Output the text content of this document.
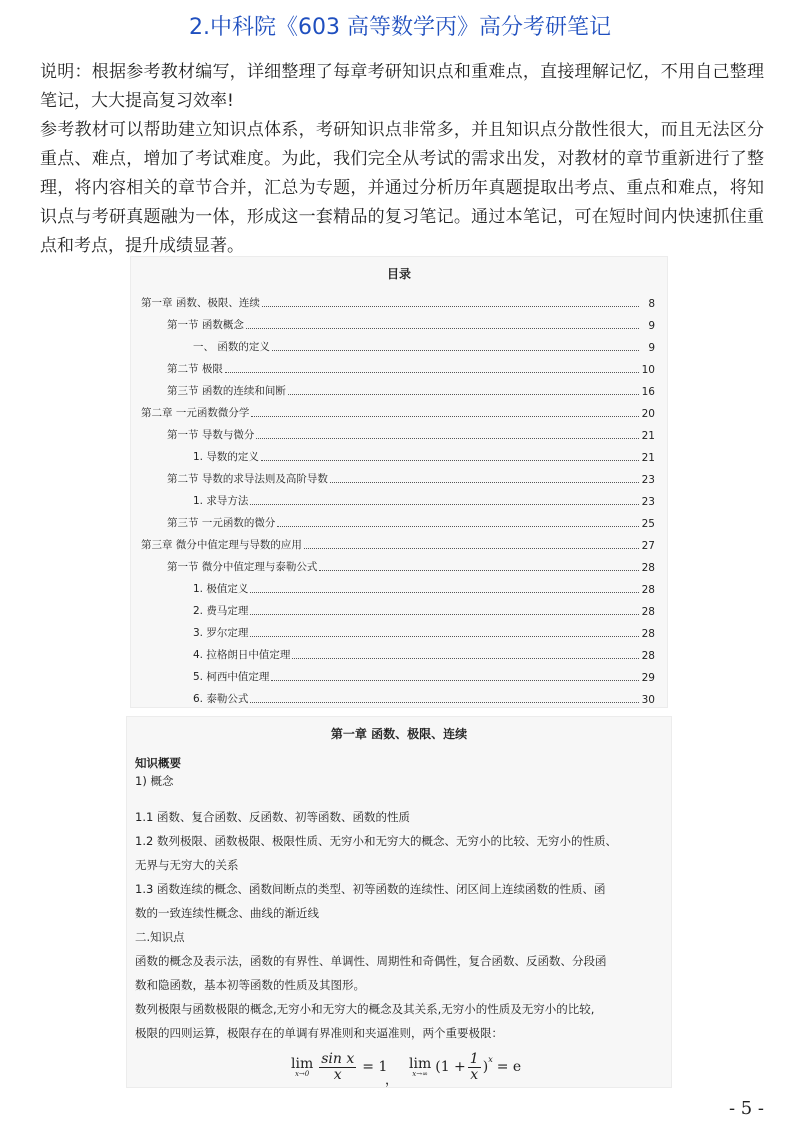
2.中科院《603 高等数学丙》高分考研笔记

说明：根据参考教材编写，详细整理了每章考研知识点和重难点，直接理解记忆，不用自己整理笔记，大大提高复习效率!

参考教材可以帮助建立知识点体系，考研知识点非常多，并且知识点分散性很大，而且无法区分重点、难点，增加了考试难度。为此，我们完全从考试的需求出发，对教材的章节重新进行了整理，将内容相关的章节合并，汇总为专题，并通过分析历年真题提取出考点、重点和难点，将知识点与考研真题融为一体，形成这一套精品的复习笔记。通过本笔记，可在短时间内快速抓住重点和考点，提升成绩显著。

目录
第一章 函数、极限、连续	8
第一节 函数概念	9
一、 函数的定义	9
第二节 极限	10
第三节 函数的连续和间断	16
第二章 一元函数微分学	20
第一节 导数与微分	21
1. 导数的定义	21
第二节 导数的求导法则及高阶导数	23
1. 求导方法	23
第三节 一元函数的微分	25
第三章 微分中值定理与导数的应用	27
第一节 微分中值定理与泰勒公式	28
1. 极值定义	28
2. 费马定理	28
3. 罗尔定理	28
4. 拉格朗日中值定理	28
5. 柯西中值定理	29
6. 泰勒公式	30
第一章 函数、极限、连续
知识概要
1) 概念
1.1 函数、复合函数、反函数、初等函数、函数的性质
1.2 数列极限、函数极限、极限性质、无穷小和无穷大的概念、无穷小的比较、无穷小的性质、
无界与无穷大的关系
1.3 函数连续的概念、函数间断点的类型、初等函数的连续性、闭区间上连续函数的性质、函
数的一致连续性概念、曲线的渐近线
二.知识点
函数的概念及表示法，函数的有界性、单调性、周期性和奇偶性，复合函数、反函数、分段函
数和隐函数，基本初等函数的性质及其图形。
数列极限与函数极限的概念,无穷小和无穷大的概念及其关系,无穷小的性质及无穷小的比较,
极限的四则运算，极限存在的单调有界准则和夹逼准则，两个重要极限：
lim
$x\to 0 \frac{\text{sin x}}{x} = 1$
，
lim
x→∞ ($1 + \frac{1}{x}$ ) x = e
- 5 -
